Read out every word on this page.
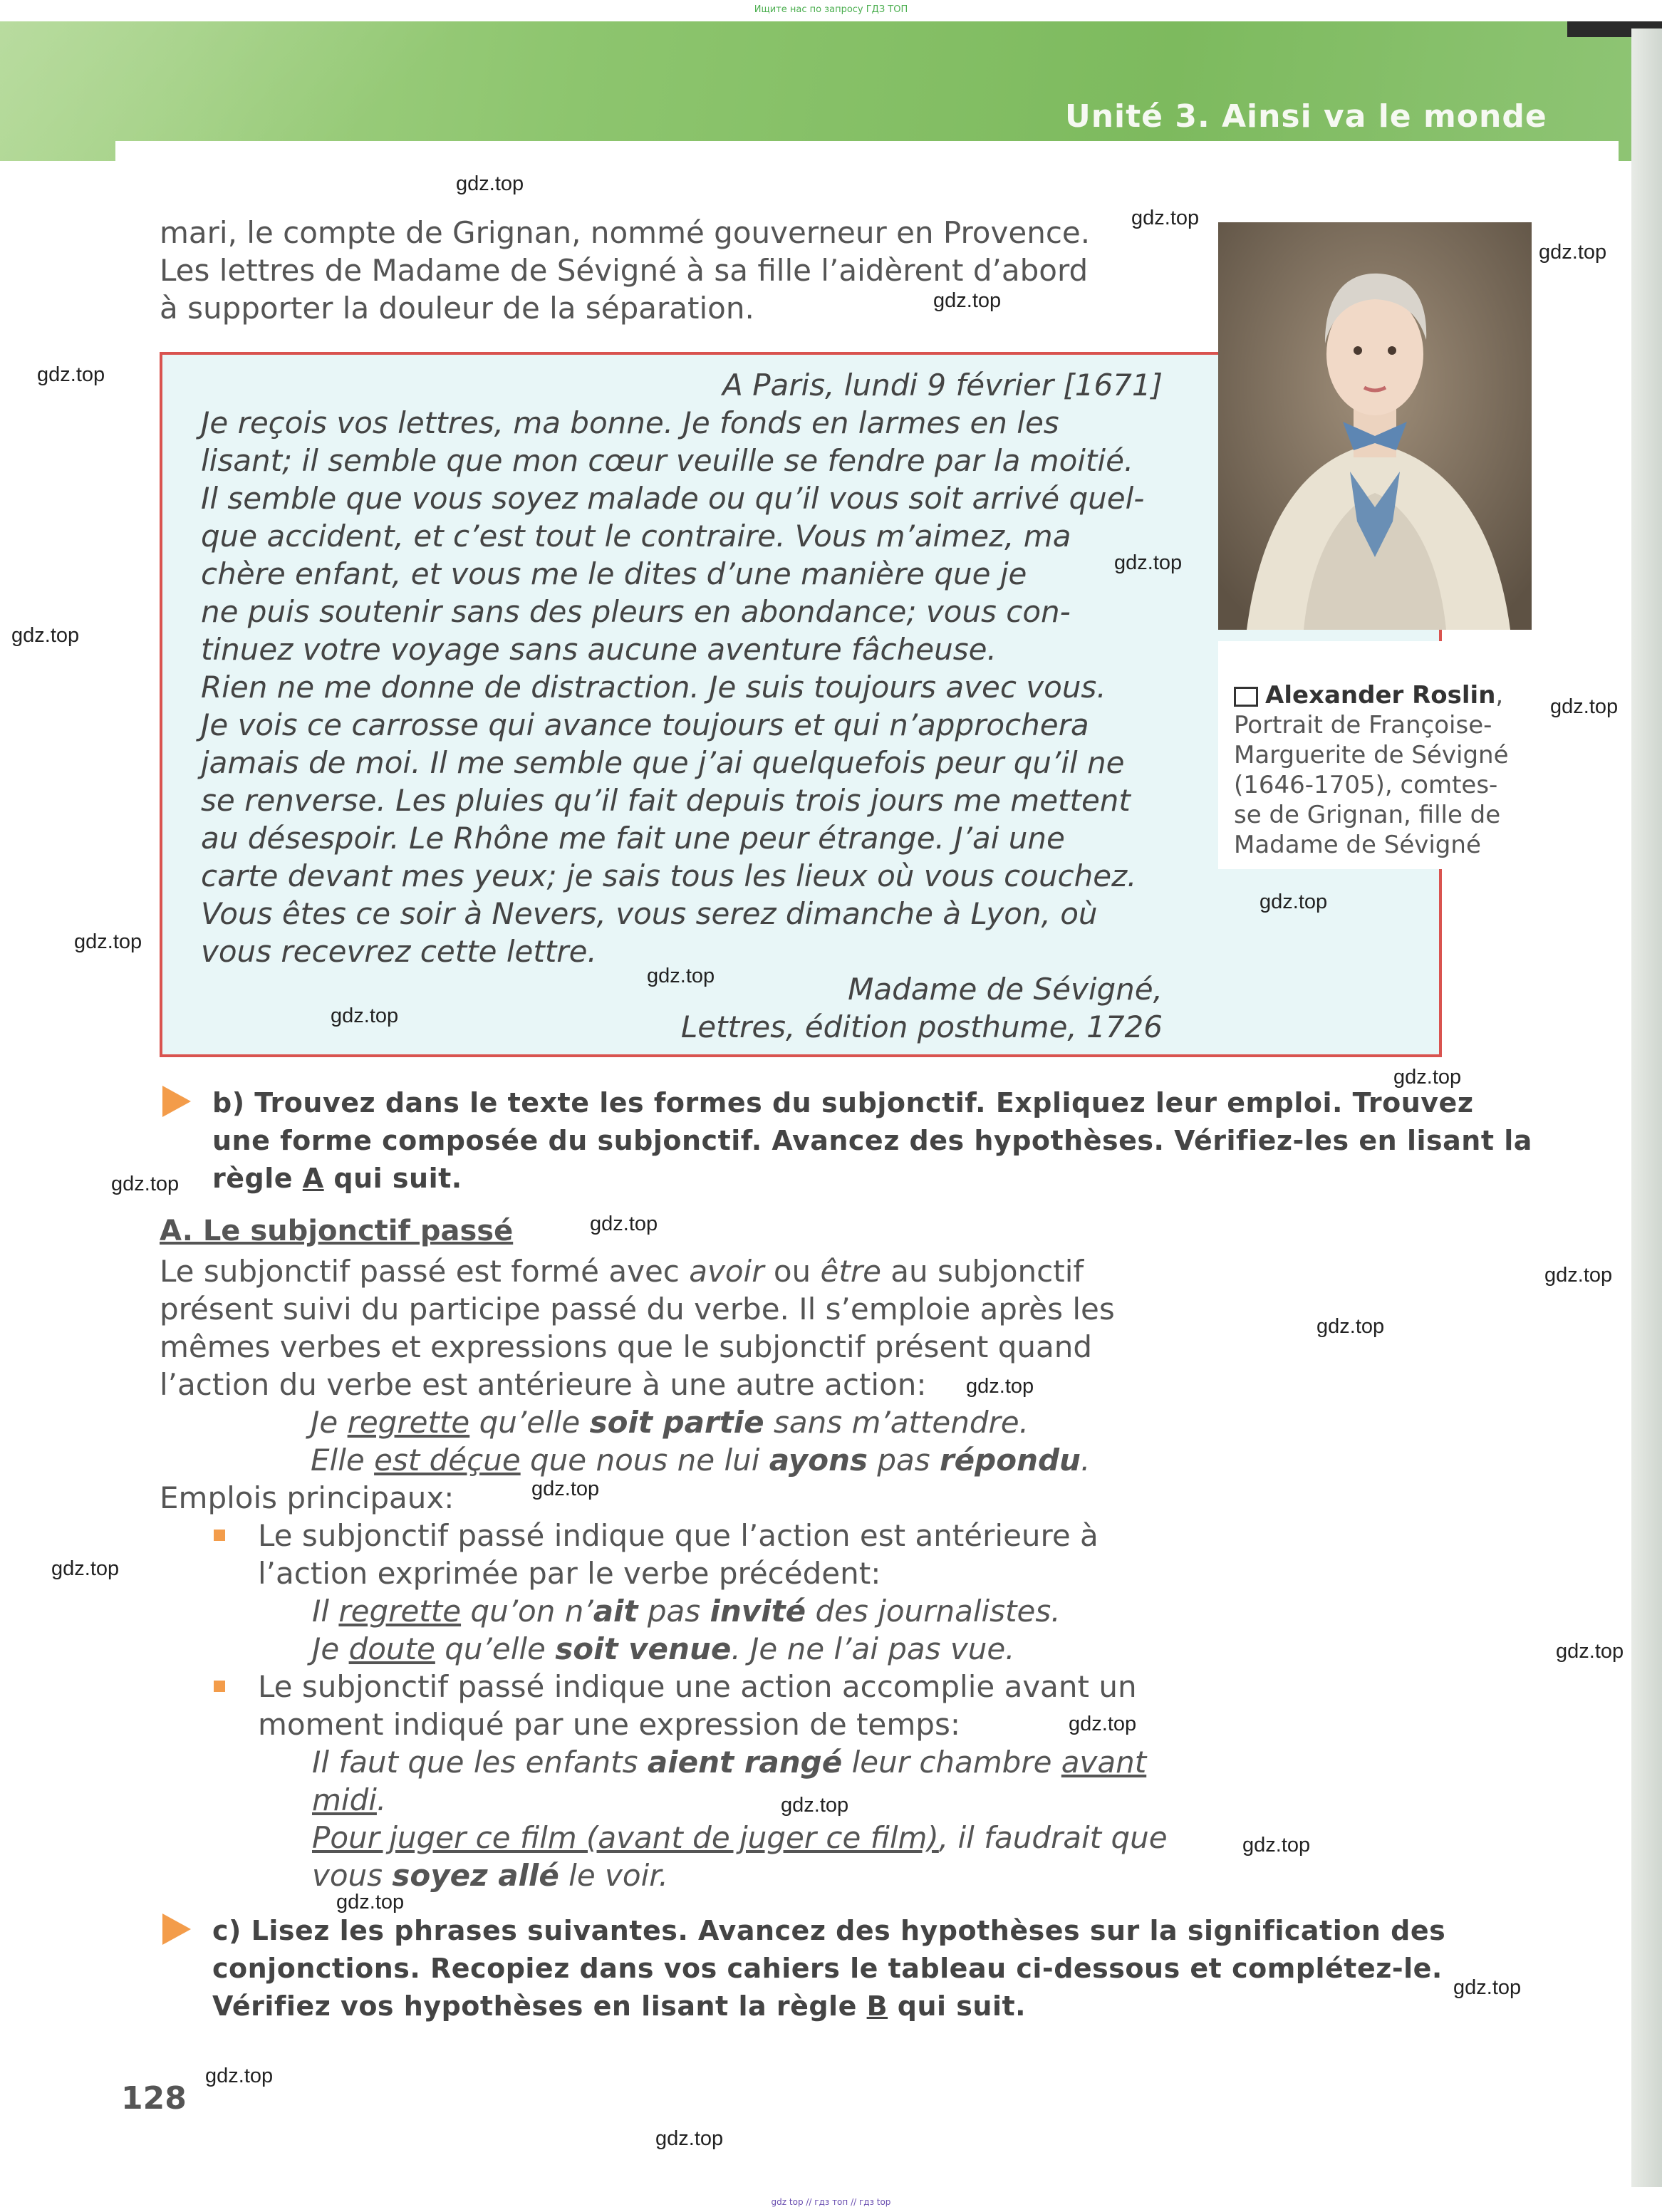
Ищите нас по запросу ГДЗ ТОП
Unité 3. Ainsi va le monde
mari, le compte de Grignan, nommé gouverneur en Provence.
Les lettres de Madame de Sévigné à sa fille l’aidèrent d’abord
à supporter la douleur de la séparation.
A Paris, lundi 9 février [1671]
Je reçois vos lettres, ma bonne. Je fonds en larmes en les
lisant; il semble que mon cœur veuille se fendre par la moitié.
Il semble que vous soyez malade ou qu’il vous soit arrivé quel-
que accident, et c’est tout le contraire. Vous m’aimez, ma
chère enfant, et vous me le dites d’une manière que je
ne puis soutenir sans des pleurs en abondance; vous con-
tinuez votre voyage sans aucune aventure fâcheuse.
Rien ne me donne de distraction. Je suis toujours avec vous.
Je vois ce carrosse qui avance toujours et qui n’approchera
jamais de moi. Il me semble que j’ai quelquefois peur qu’il ne
se renverse. Les pluies qu’il fait depuis trois jours me mettent
au désespoir. Le Rhône me fait une peur étrange. J’ai une
carte devant mes yeux; je sais tous les lieux où vous couchez.
Vous êtes ce soir à Nevers, vous serez dimanche à Lyon, où
vous recevrez cette lettre.
Madame de Sévigné,
Lettres, édition posthume, 1726
Alexander Roslin,
Portrait de Françoise-
Marguerite de Sévigné
(1646-1705), comtes-
se de Grignan, fille de
Madame de Sévigné
b) Trouvez dans le texte les formes du subjonctif. Expliquez leur emploi. Trouvez
une forme composée du subjonctif. Avancez des hypothèses. Vérifiez-les en lisant la
règle A qui suit.
A. Le subjonctif passé
Le subjonctif passé est formé avec avoir ou être au subjonctif
présent suivi du participe passé du verbe. Il s’emploie après les
mêmes verbes et expressions que le subjonctif présent quand
l’action du verbe est antérieure à une autre action:
Je regrette qu’elle soit partie sans m’attendre.
Elle est déçue que nous ne lui ayons pas répondu.
Emplois principaux:
Le subjonctif passé indique que l’action est antérieure à
l’action exprimée par le verbe précédent:
Il regrette qu’on n’ait pas invité des journalistes.
Je doute qu’elle soit venue. Je ne l’ai pas vue.
Le subjonctif passé indique une action accomplie avant un
moment indiqué par une expression de temps:
Il faut que les enfants aient rangé leur chambre avant
midi.
Pour juger ce film (avant de juger ce film), il faudrait que
vous soyez allé le voir.
c) Lisez les phrases suivantes. Avancez des hypothèses sur la signification des
conjonctions. Recopiez dans vos cahiers le tableau ci-dessous et complétez-le.
Vérifiez vos hypothèses en lisant la règle B qui suit.
128
gdz.top
gdz.top
gdz.top
gdz.top
gdz.top
gdz.top
gdz.top
gdz.top
gdz.top
gdz.top
gdz.top
gdz.top
gdz.top
gdz.top
gdz.top
gdz.top
gdz.top
gdz.top
gdz.top
gdz.top
gdz.top
gdz.top
gdz.top
gdz.top
gdz.top
gdz.top
gdz.top
gdz.top
gdz top // гдз топ // гдз top
